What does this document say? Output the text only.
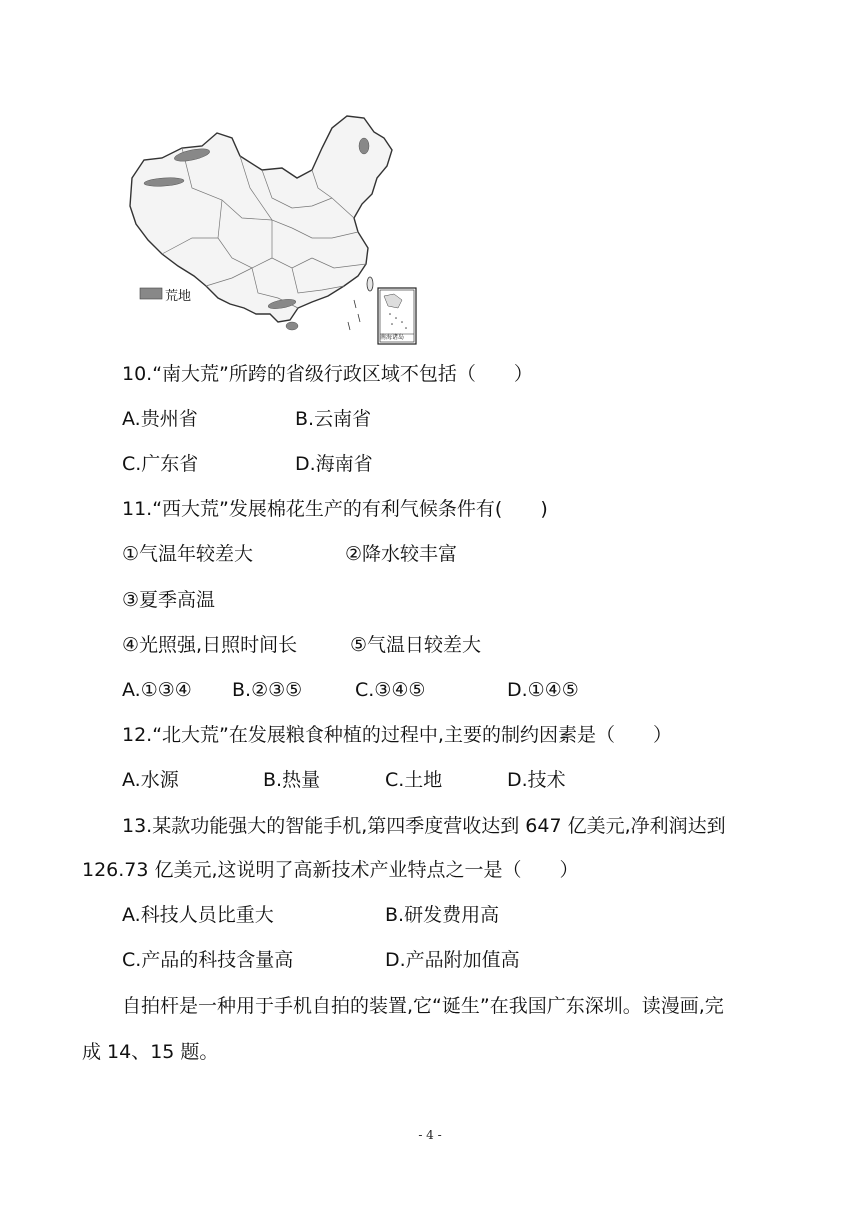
荒地
南海诸岛
10.“南大荒”所跨的省级行政区域不包括（　　）
A.贵州省	B.云南省
C.广东省	D.海南省
11.“西大荒”发展棉花生产的有利气候条件有(　　)
①气温年较差大	②降水较丰富
③夏季高温
④光照强,日照时间长	⑤气温日较差大
A.①③④ B.②③⑤	C.③④⑤	D.①④⑤
12.“北大荒”在发展粮食种植的过程中,主要的制约因素是（　　）
A.水源	B.热量	C.土地	D.技术
13.某款功能强大的智能手机,第四季度营收达到 647 亿美元,净利润达到
126.73 亿美元,这说明了高新技术产业特点之一是（　　）
A.科技人员比重大	B.研发费用高
C.产品的科技含量高	D.产品附加值高
自拍杆是一种用于手机自拍的装置,它“诞生”在我国广东深圳。读漫画,完
成 14、15 题。
- 4 -
